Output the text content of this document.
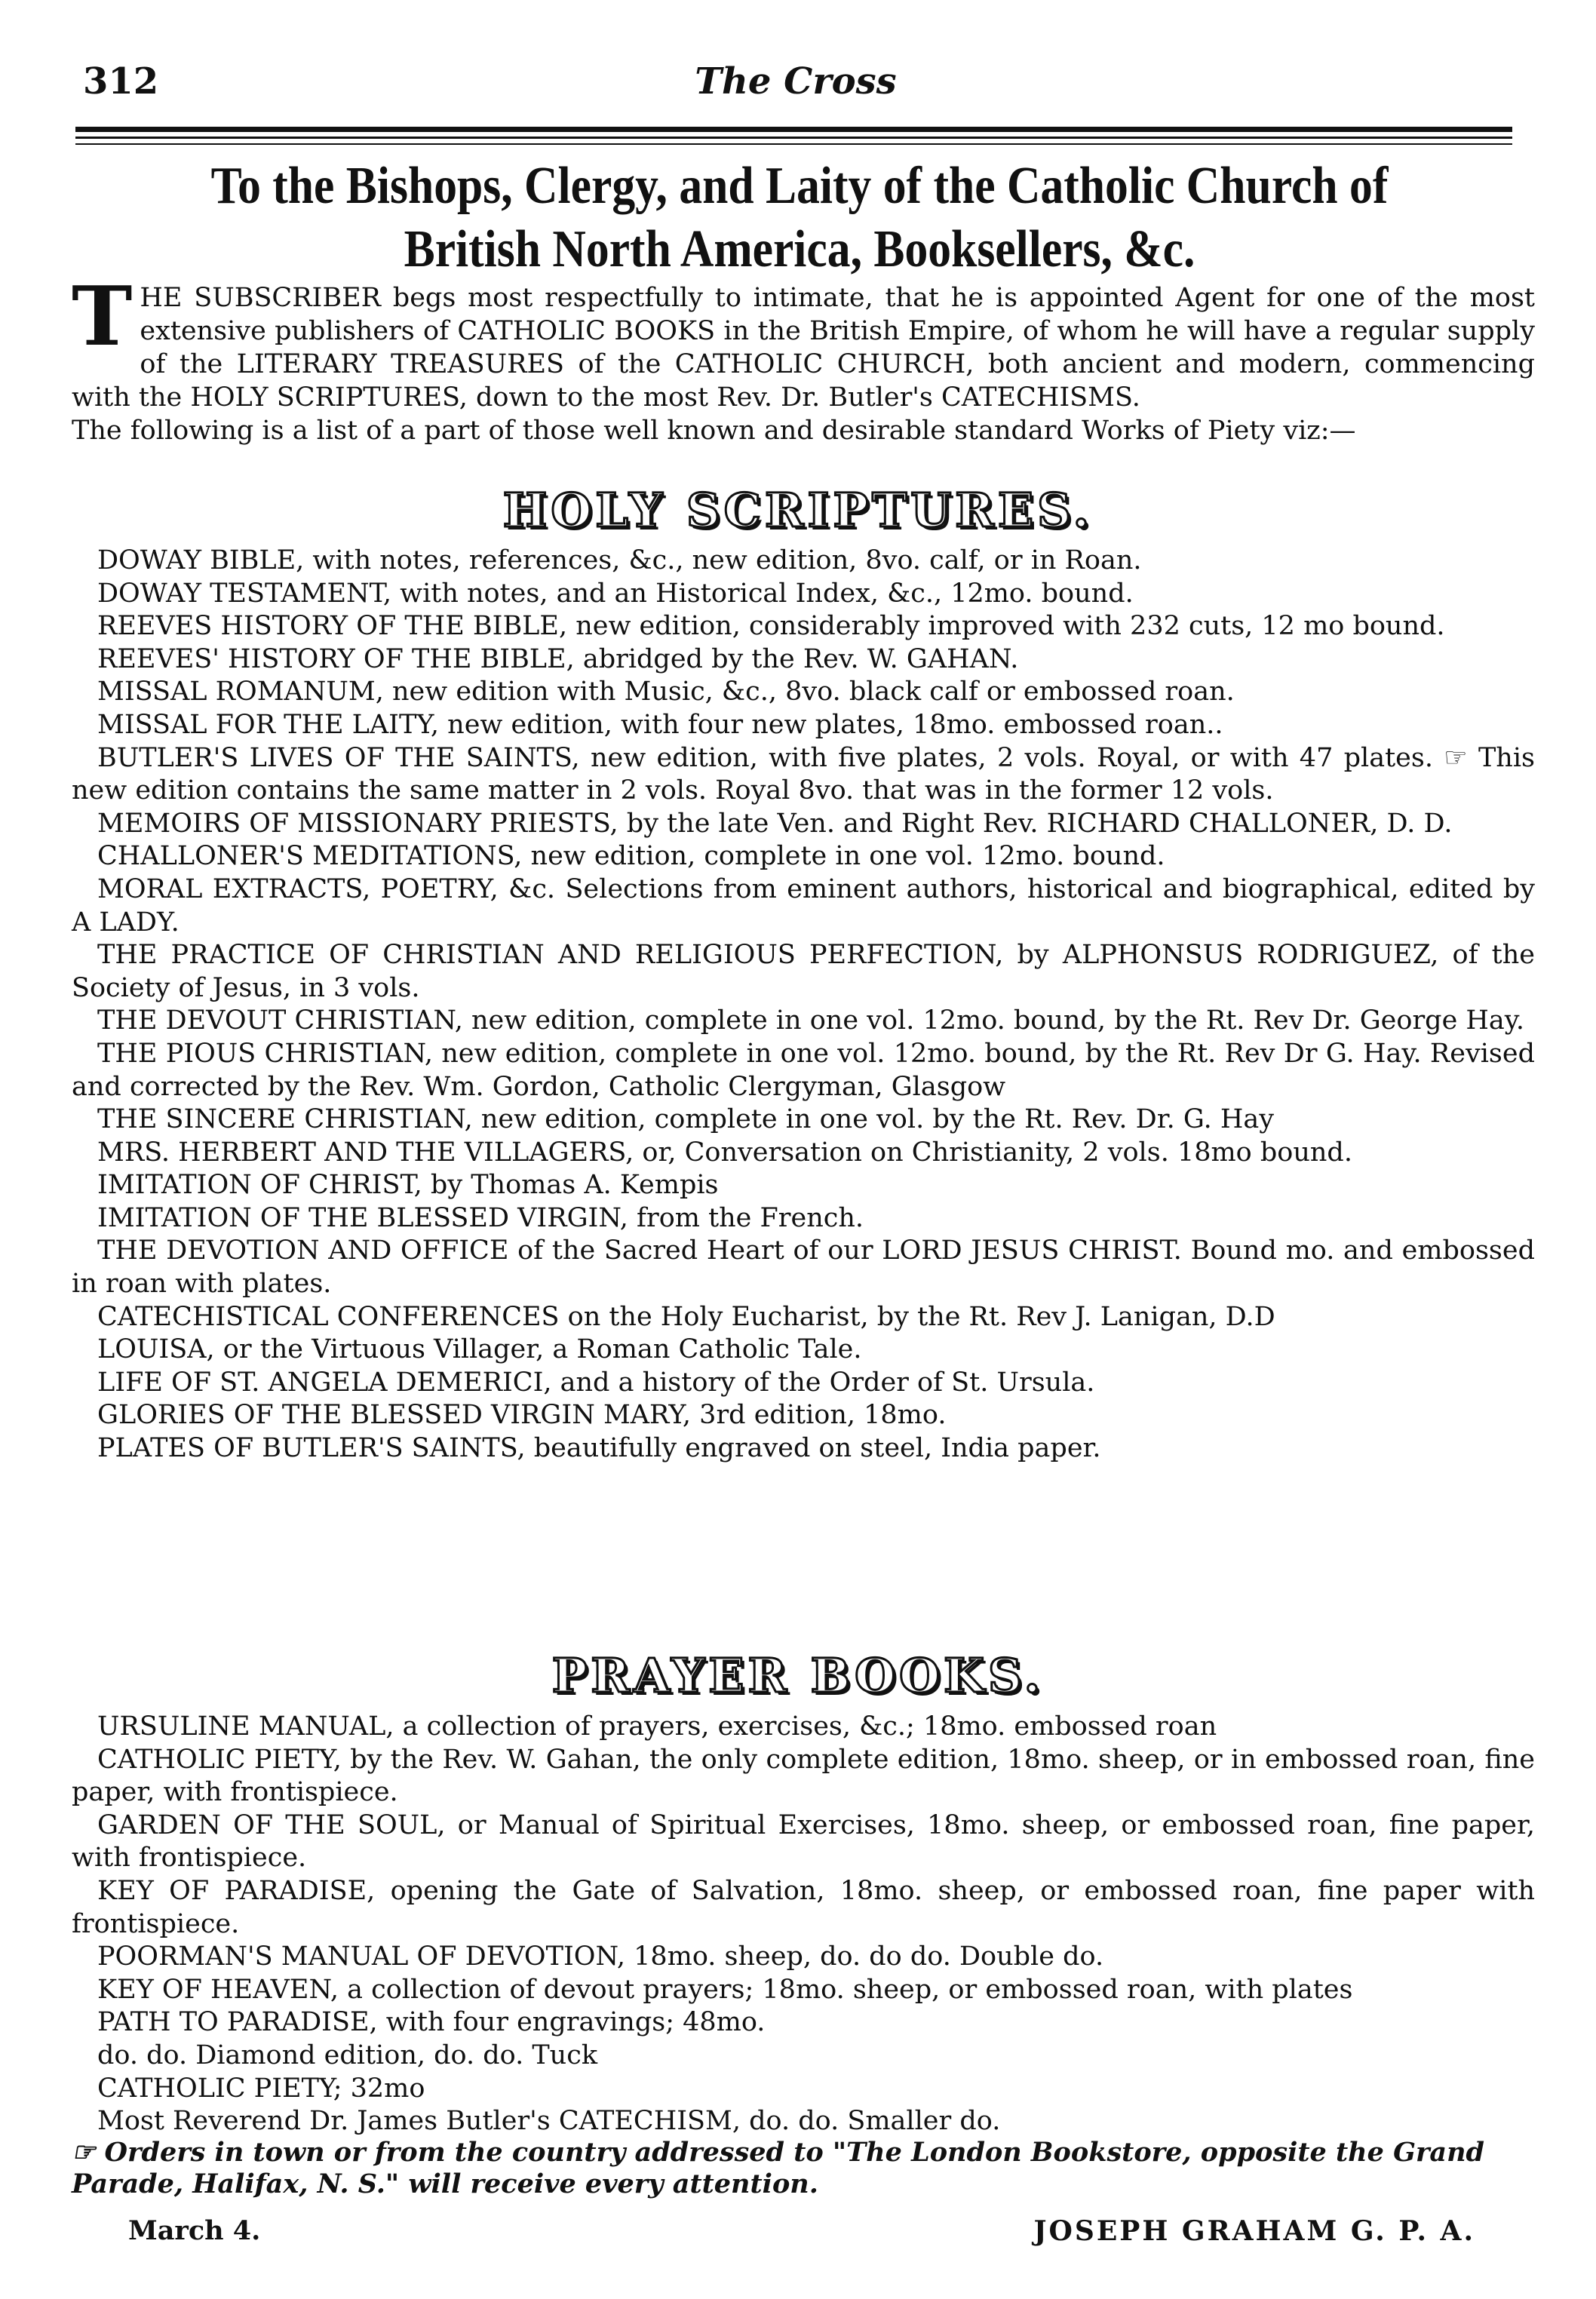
312	The Cross
To the Bishops, Clergy, and Laity of the Catholic Church of British North America, Booksellers, &c.
T HE SUBSCRIBER begs most respectfully to intimate, that he is appointed Agent for one of the most extensive publishers of CATHOLIC BOOKS in the British Empire, of whom he will have a regular supply of the LITERARY TREASURES of the CATHOLIC CHURCH, both ancient and modern, commencing with the HOLY SCRIPTURES, down to the most Rev. Dr. Butler's CATECHISMS.
The following is a list of a part of those well known and desirable standard Works of Piety viz:—
HOLY SCRIPTURES.
DOWAY BIBLE, with notes, references, &c., new edition, 8vo. calf, or in Roan.
DOWAY TESTAMENT, with notes, and an Historical Index, &c., 12mo. bound.
REEVES HISTORY OF THE BIBLE, new edition, considerably improved with 232 cuts, 12 mo bound.
REEVES' HISTORY OF THE BIBLE, abridged by the Rev. W. GAHAN.
MISSAL ROMANUM, new edition with Music, &c., 8vo. black calf or embossed roan.
MISSAL FOR THE LAITY, new edition, with four new plates, 18mo. embossed roan..
BUTLER'S LIVES OF THE SAINTS, new edition, with five plates, 2 vols. Royal, or with 47 plates. ☞ This new edition contains the same matter in 2 vols. Royal 8vo. that was in the former 12 vols.
MEMOIRS OF MISSIONARY PRIESTS, by the late Ven. and Right Rev. RICHARD CHALLONER, D. D.
CHALLONER'S MEDITATIONS, new edition, complete in one vol. 12mo. bound.
MORAL EXTRACTS, POETRY, &c. Selections from eminent authors, historical and biographical, edited by A LADY.
THE PRACTICE OF CHRISTIAN AND RELIGIOUS PERFECTION, by ALPHONSUS RODRIGUEZ, of the Society of Jesus, in 3 vols.
THE DEVOUT CHRISTIAN, new edition, complete in one vol. 12mo. bound, by the Rt. Rev Dr. George Hay.
THE PIOUS CHRISTIAN, new edition, complete in one vol. 12mo. bound, by the Rt. Rev Dr G. Hay. Revised and corrected by the Rev. Wm. Gordon, Catholic Clergyman, Glasgow
THE SINCERE CHRISTIAN, new edition, complete in one vol. by the Rt. Rev. Dr. G. Hay
MRS. HERBERT AND THE VILLAGERS, or, Conversation on Christianity, 2 vols. 18mo bound.
IMITATION OF CHRIST, by Thomas A. Kempis
IMITATION OF THE BLESSED VIRGIN, from the French.
THE DEVOTION AND OFFICE of the Sacred Heart of our LORD JESUS CHRIST. Bound mo. and embossed in roan with plates.
CATECHISTICAL CONFERENCES on the Holy Eucharist, by the Rt. Rev J. Lanigan, D.D
LOUISA, or the Virtuous Villager, a Roman Catholic Tale.
LIFE OF ST. ANGELA DEMERICI, and a history of the Order of St. Ursula.
GLORIES OF THE BLESSED VIRGIN MARY, 3rd edition, 18mo.
PLATES OF BUTLER'S SAINTS, beautifully engraved on steel, India paper.
PRAYER BOOKS.
URSULINE MANUAL, a collection of prayers, exercises, &c.; 18mo. embossed roan
CATHOLIC PIETY, by the Rev. W. Gahan, the only complete edition, 18mo. sheep, or in embossed roan, fine paper, with frontispiece.
GARDEN OF THE SOUL, or Manual of Spiritual Exercises, 18mo. sheep, or embossed roan, fine paper, with frontispiece.
KEY OF PARADISE, opening the Gate of Salvation, 18mo. sheep, or embossed roan, fine paper with frontispiece.
POORMAN'S MANUAL OF DEVOTION, 18mo. sheep, do. do do. Double do.
KEY OF HEAVEN, a collection of devout prayers; 18mo. sheep, or embossed roan, with plates
PATH TO PARADISE, with four engravings; 48mo.
do. do. Diamond edition, do. do. Tuck
CATHOLIC PIETY; 32mo
Most Reverend Dr. James Butler's CATECHISM, do. do. Smaller do.
☞ Orders in town or from the country addressed to "The London Bookstore, opposite the Grand Parade, Halifax, N. S." will receive every attention.
March 4.	JOSEPH GRAHAM G. P. A.
